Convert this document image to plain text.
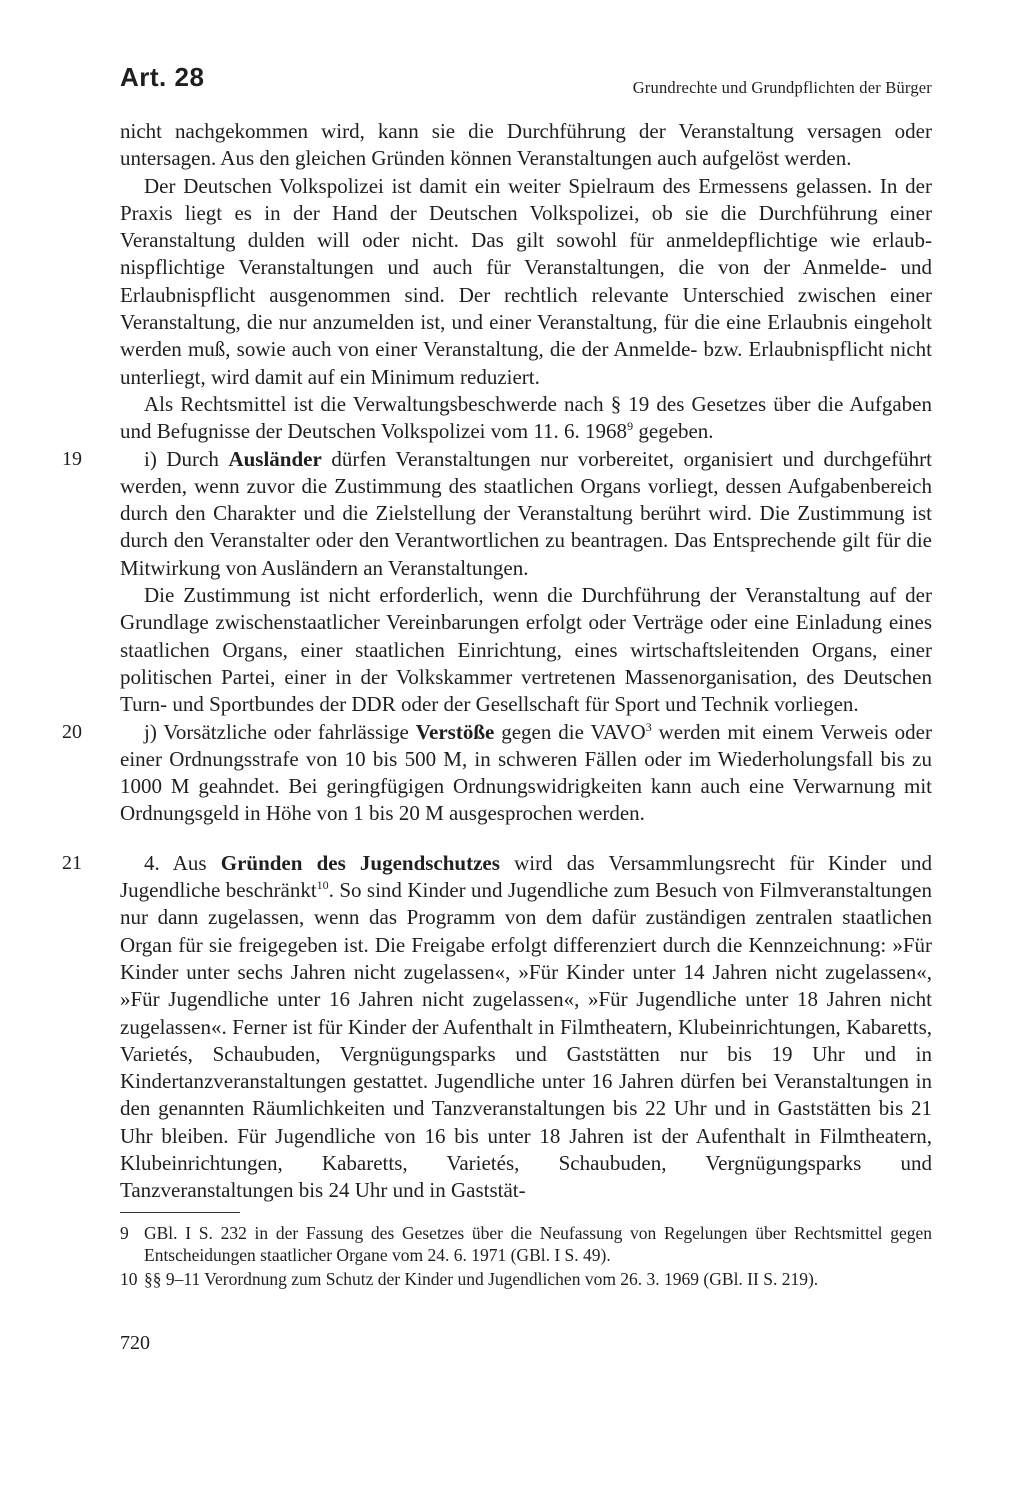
Art. 28	Grundrechte und Grundpflichten der Bürger

nicht nachgekommen wird, kann sie die Durchführung der Veranstaltung versagen oder untersagen. Aus den gleichen Gründen können Veranstaltungen auch aufgelöst werden.

Der Deutschen Volkspolizei ist damit ein weiter Spielraum des Ermessens gelassen. In der Praxis liegt es in der Hand der Deutschen Volkspolizei, ob sie die Durchführung einer Veranstaltung dulden will oder nicht. Das gilt sowohl für anmeldepflichtige wie erlaubnispflichtige Veranstaltungen und auch für Veranstaltungen, die von der Anmelde- und Erlaubnispflicht ausgenommen sind. Der rechtlich relevante Unterschied zwischen einer Veranstaltung, die nur anzumelden ist, und einer Veranstaltung, für die eine Erlaubnis eingeholt werden muß, sowie auch von einer Veranstaltung, die der Anmelde- bzw. Erlaubnispflicht nicht unterliegt, wird damit auf ein Minimum reduziert.

Als Rechtsmittel ist die Verwaltungsbeschwerde nach § 19 des Gesetzes über die Aufgaben und Befugnisse der Deutschen Volkspolizei vom 11. 6. 1968$^9$ gegeben.

19	i) Durch Ausländer dürfen Veranstaltungen nur vorbereitet, organisiert und durchgeführt werden, wenn zuvor die Zustimmung des staatlichen Organs vorliegt, dessen Aufgabenbereich durch den Charakter und die Zielstellung der Veranstaltung berührt wird. Die Zustimmung ist durch den Veranstalter oder den Verantwortlichen zu beantragen. Das Entsprechende gilt für die Mitwirkung von Ausländern an Veranstaltungen.

Die Zustimmung ist nicht erforderlich, wenn die Durchführung der Veranstaltung auf der Grundlage zwischenstaatlicher Vereinbarungen erfolgt oder Verträge oder eine Einladung eines staatlichen Organs, einer staatlichen Einrichtung, eines wirtschaftsleitenden Organs, einer politischen Partei, einer in der Volkskammer vertretenen Massenorganisation, des Deutschen Turn- und Sportbundes der DDR oder der Gesellschaft für Sport und Technik vorliegen.

20	j) Vorsätzliche oder fahrlässige Verstöße gegen die VAVO$^3$ werden mit einem Verweis oder einer Ordnungsstrafe von 10 bis 500 M, in schweren Fällen oder im Wiederholungsfall bis zu 1000 M geahndet. Bei geringfügigen Ordnungswidrigkeiten kann auch eine Verwarnung mit Ordnungsgeld in Höhe von 1 bis 20 M ausgesprochen werden.

21	4. Aus Gründen des Jugendschutzes wird das Versammlungsrecht für Kinder und Jugendliche beschränkt$^{10}$. So sind Kinder und Jugendliche zum Besuch von Filmveranstaltungen nur dann zugelassen, wenn das Programm von dem dafür zuständigen zentralen staatlichen Organ für sie freigegeben ist. Die Freigabe erfolgt differenziert durch die Kennzeichnung: »Für Kinder unter sechs Jahren nicht zugelassen«, »Für Kinder unter 14 Jahren nicht zugelassen«, »Für Jugendliche unter 16 Jahren nicht zugelassen«, »Für Jugendliche unter 18 Jahren nicht zugelassen«. Ferner ist für Kinder der Aufenthalt in Filmtheatern, Klubeinrichtungen, Kabaretts, Varietés, Schaubuden, Vergnügungsparks und Gaststätten nur bis 19 Uhr und in Kindertanzveranstaltungen gestattet. Jugendliche unter 16 Jahren dürfen bei Veranstaltungen in den genannten Räumlichkeiten und Tanzveranstaltungen bis 22 Uhr und in Gaststätten bis 21 Uhr bleiben. Für Jugendliche von 16 bis unter 18 Jahren ist der Aufenthalt in Filmtheatern, Klubeinrichtungen, Kabaretts, Varietés, Schaubuden, Vergnügungsparks und Tanzveranstaltungen bis 24 Uhr und in Gaststät-

9 GBl. I S. 232 in der Fassung des Gesetzes über die Neufassung von Regelungen über Rechtsmittel gegen Entscheidungen staatlicher Organe vom 24. 6. 1971 (GBl. I S. 49).

10 §§ 9–11 Verordnung zum Schutz der Kinder und Jugendlichen vom 26. 3. 1969 (GBl. II S. 219).

720
